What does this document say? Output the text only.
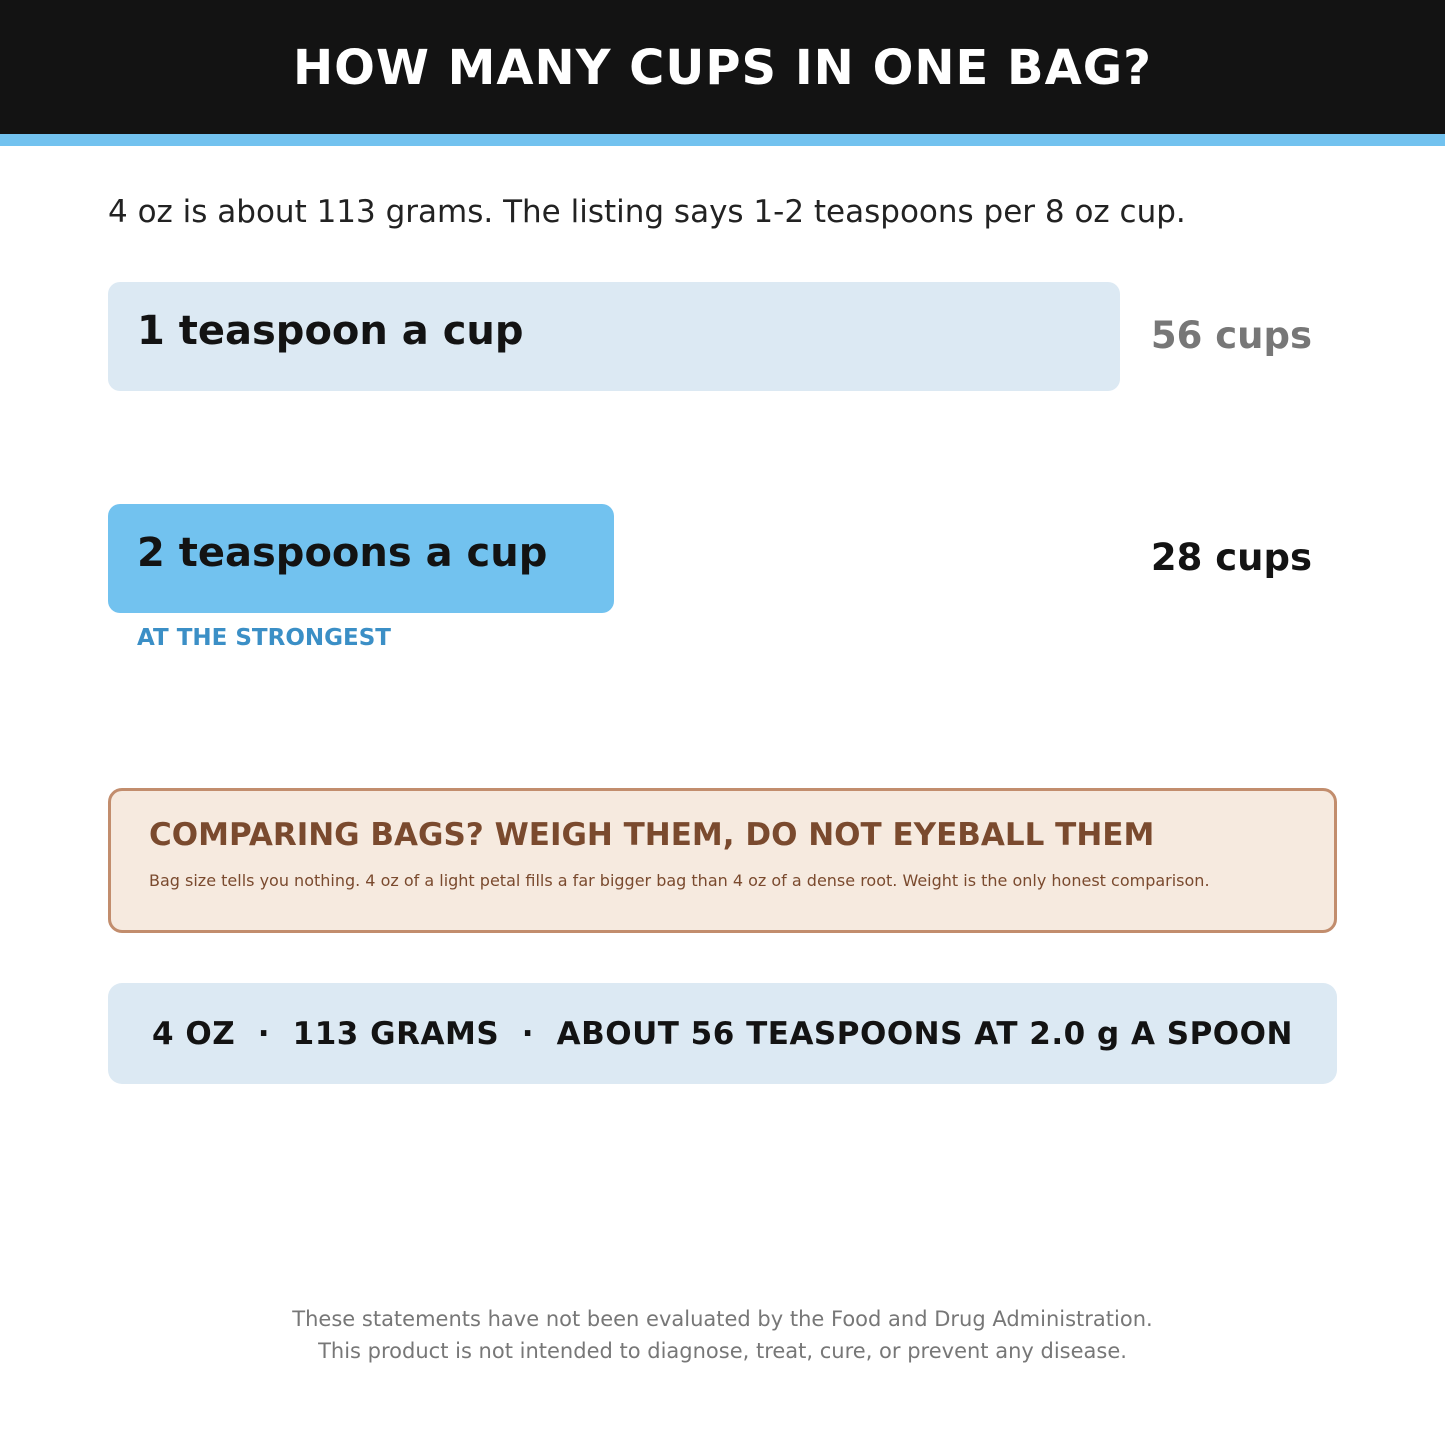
HOW MANY CUPS IN ONE BAG?
4 oz is about 113 grams. The listing says 1-2 teaspoons per 8 oz cup.
1 teaspoon a cup	56 cups
2 teaspoons a cup	28 cups
AT THE STRONGEST
COMPARING BAGS? WEIGH THEM, DO NOT EYEBALL THEM
Bag size tells you nothing. 4 oz of a light petal fills a far bigger bag than 4 oz of a dense root. Weight is the only honest comparison.
4 OZ  ·  113 GRAMS  ·  ABOUT 56 TEASPOONS AT 2.0 g A SPOON
These statements have not been evaluated by the Food and Drug Administration.
This product is not intended to diagnose, treat, cure, or prevent any disease.
